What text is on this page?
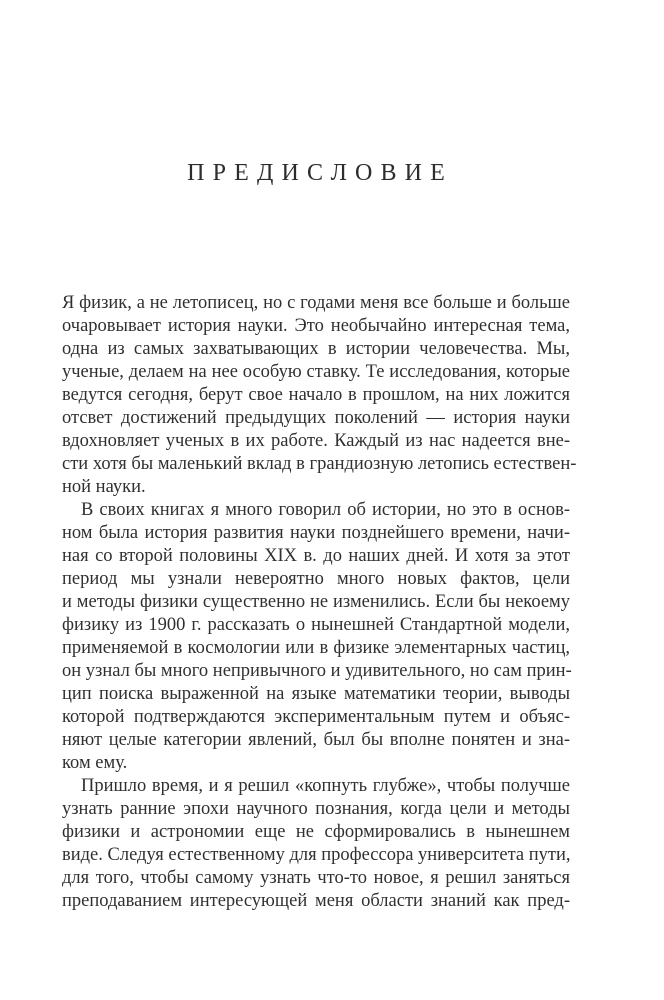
ПРЕДИСЛОВИЕ
Я физик, а не летописец, но с годами меня все больше и больше
очаровывает история науки. Это необычайно интересная тема,
одна из самых захватывающих в истории человечества. Мы,
ученые, делаем на нее особую ставку. Те исследования, которые
ведутся сегодня, берут свое начало в прошлом, на них ложится
отсвет достижений предыдущих поколений — история науки
вдохновляет ученых в их работе. Каждый из нас надеется вне-
сти хотя бы маленький вклад в грандиозную летопись естествен-
ной науки.
В своих книгах я много говорил об истории, но это в основ-
ном была история развития науки позднейшего времени, начи-
ная со второй половины XIX в. до наших дней. И хотя за этот
период мы узнали невероятно много новых фактов, цели
и методы физики существенно не изменились. Если бы некоему
физику из 1900 г. рассказать о нынешней Стандартной модели,
применяемой в космологии или в физике элементарных частиц,
он узнал бы много непривычного и удивительного, но сам прин-
цип поиска выраженной на языке математики теории, выводы
которой подтверждаются экспериментальным путем и объяс-
няют целые категории явлений, был бы вполне понятен и зна-
ком ему.
Пришло время, и я решил «копнуть глубже», чтобы получше
узнать ранние эпохи научного познания, когда цели и методы
физики и астрономии еще не сформировались в нынешнем
виде. Следуя естественному для профессора университета пути,
для того, чтобы самому узнать что-то новое, я решил заняться
преподаванием интересующей меня области знаний как пред-
